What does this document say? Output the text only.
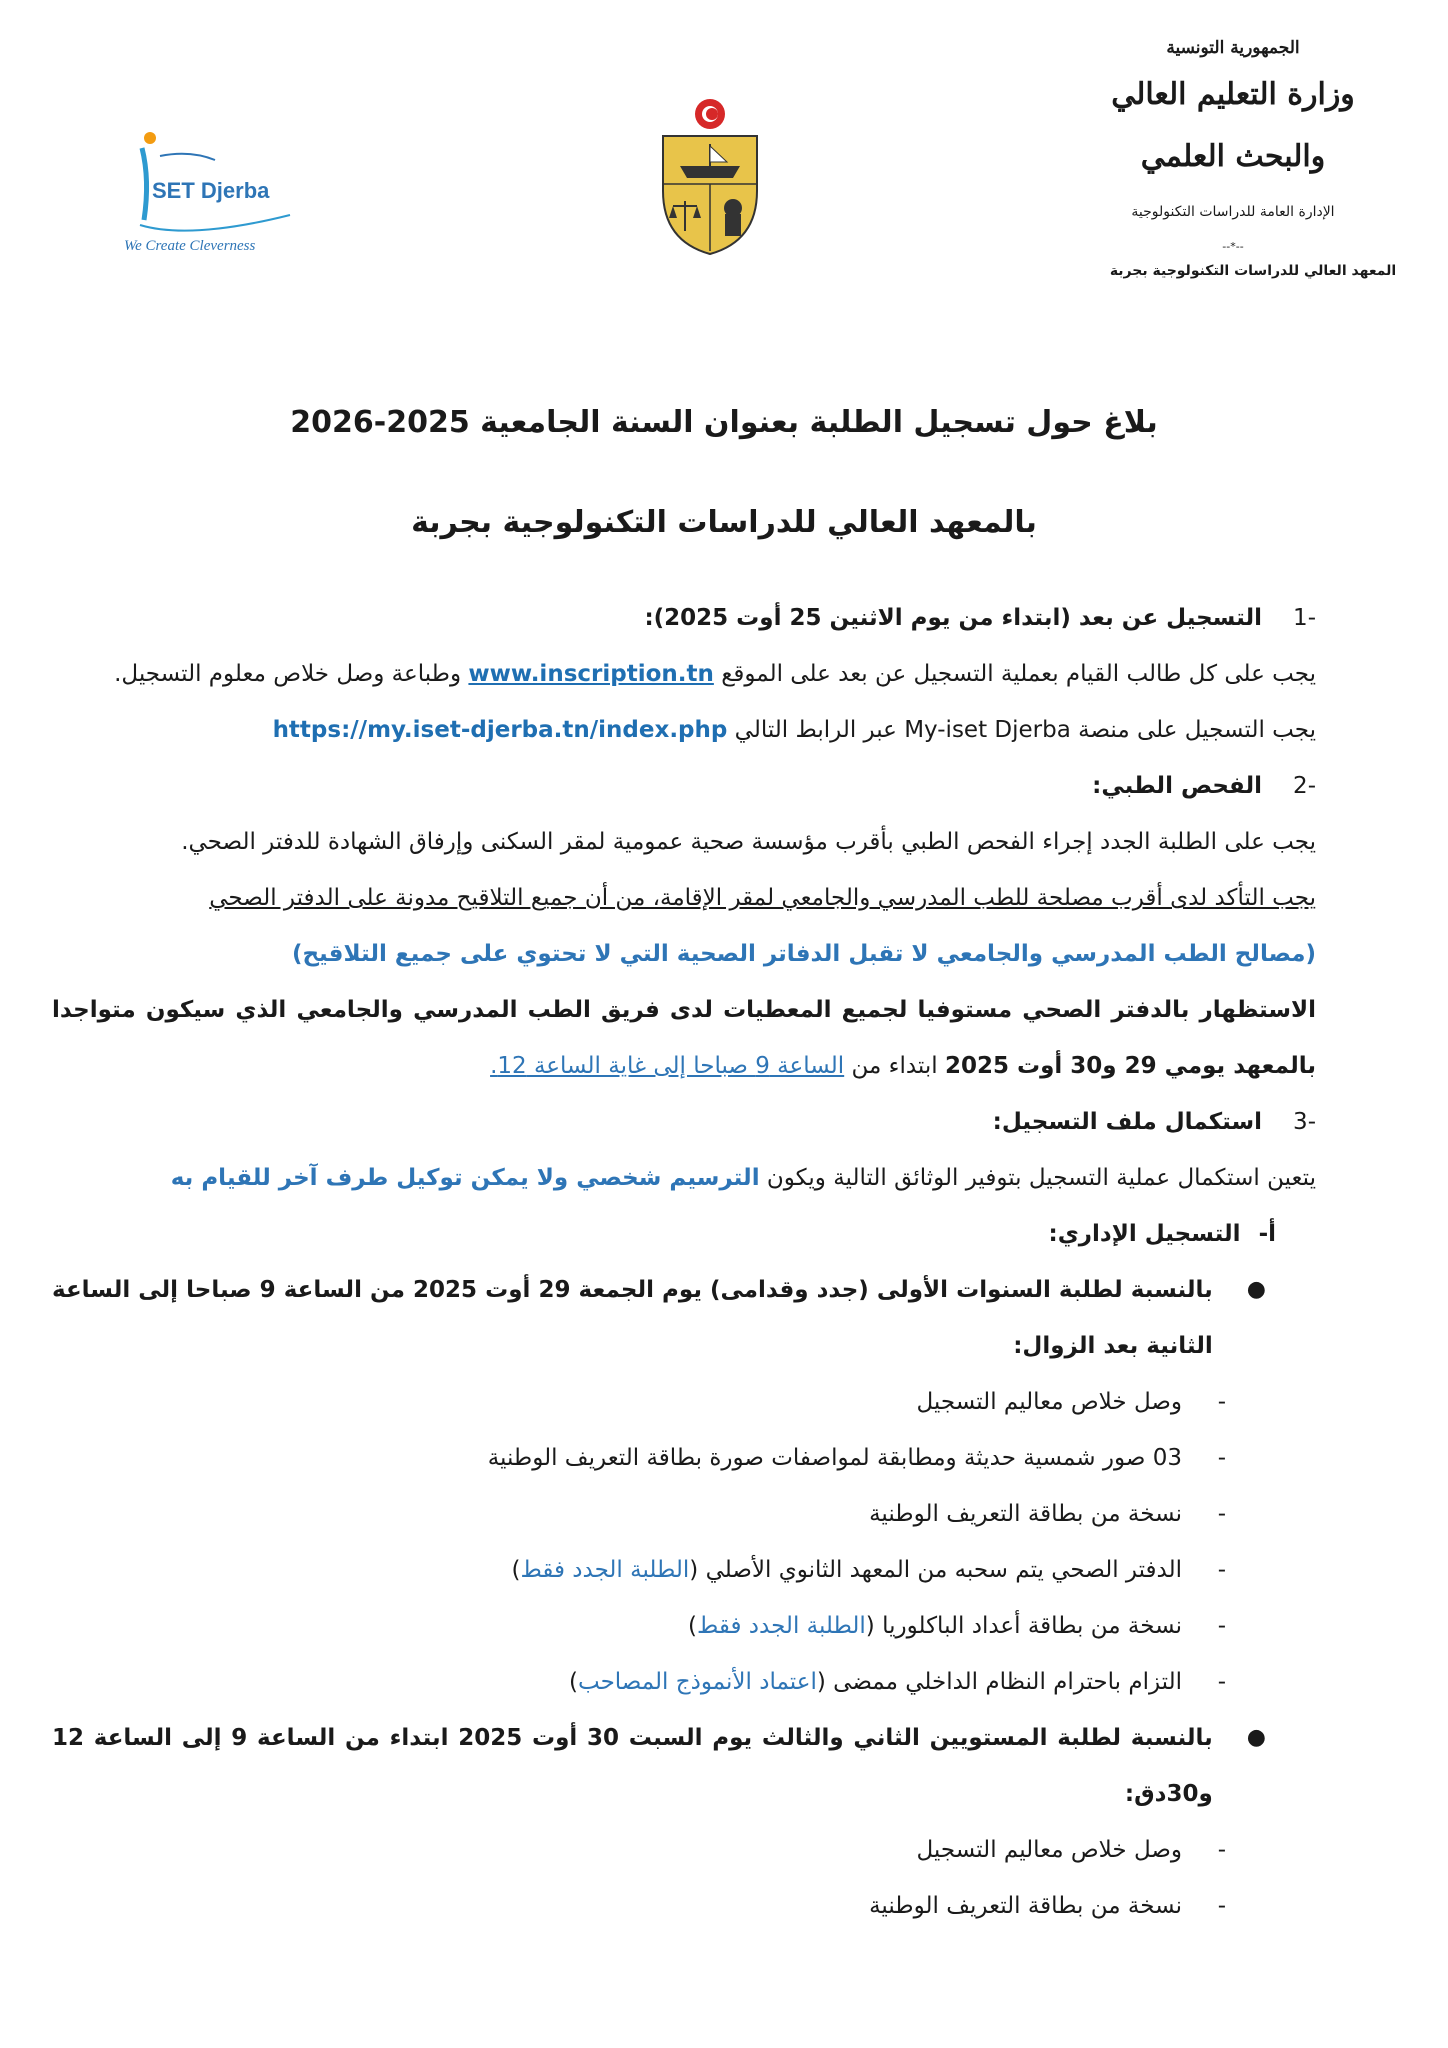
الجمهورية التونسية
وزارة التعليم العالي
والبحث العلمي
الإدارة العامة للدراسات التكنولوجية
--*--
المعهد العالي للدراسات التكنولوجية بجربة
SET Djerba
We Create Cleverness
بلاغ حول تسجيل الطلبة بعنوان السنة الجامعية 2025-2026
بالمعهد العالي للدراسات التكنولوجية بجربة
-1
التسجيل عن بعد (ابتداء من يوم الاثنين 25 أوت 2025):

يجب على كل طالب القيام بعملية التسجيل عن بعد على الموقع www.inscription.tn وطباعة وصل خلاص معلوم التسجيل.

يجب التسجيل على منصة My-iset Djerba عبر الرابط التالي https://my.iset-djerba.tn/index.php

-2
الفحص الطبي:

يجب على الطلبة الجدد إجراء الفحص الطبي بأقرب مؤسسة صحية عمومية لمقر السكنى وإرفاق الشهادة للدفتر الصحي.

يجب التأكد لدى أقرب مصلحة للطب المدرسي والجامعي لمقر الإقامة، من أن جميع التلاقيح مدونة على الدفتر الصحي

(مصالح الطب المدرسي والجامعي لا تقبل الدفاتر الصحية التي لا تحتوي على جميع التلاقيح)

الاستظهار بالدفتر الصحي مستوفيا لجميع المعطيات لدى فريق الطب المدرسي والجامعي الذي سيكون متواجدا بالمعهد يومي 29 و30 أوت 2025 ابتداء من الساعة 9 صباحا إلى غاية الساعة 12.

-3
استكمال ملف التسجيل:

يتعين استكمال عملية التسجيل بتوفير الوثائق التالية ويكون الترسيم شخصي ولا يمكن توكيل طرف آخر للقيام به

أ-
التسجيل الإداري:
●
بالنسبة لطلبة السنوات الأولى (جدد وقدامى) يوم الجمعة 29 أوت 2025 من الساعة 9 صباحا إلى الساعة الثانية بعد الزوال:
-
وصل خلاص معاليم التسجيل
-
03 صور شمسية حديثة ومطابقة لمواصفات صورة بطاقة التعريف الوطنية
-
نسخة من بطاقة التعريف الوطنية
-
الدفتر الصحي يتم سحبه من المعهد الثانوي الأصلي (الطلبة الجدد فقط)
-
نسخة من بطاقة أعداد الباكلوريا (الطلبة الجدد فقط)
-
التزام باحترام النظام الداخلي ممضى (اعتماد الأنموذج المصاحب)
●
بالنسبة لطلبة المستويين الثاني والثالث يوم السبت 30 أوت 2025 ابتداء من الساعة 9 إلى الساعة 12 و30دق:
-
وصل خلاص معاليم التسجيل
-
نسخة من بطاقة التعريف الوطنية
